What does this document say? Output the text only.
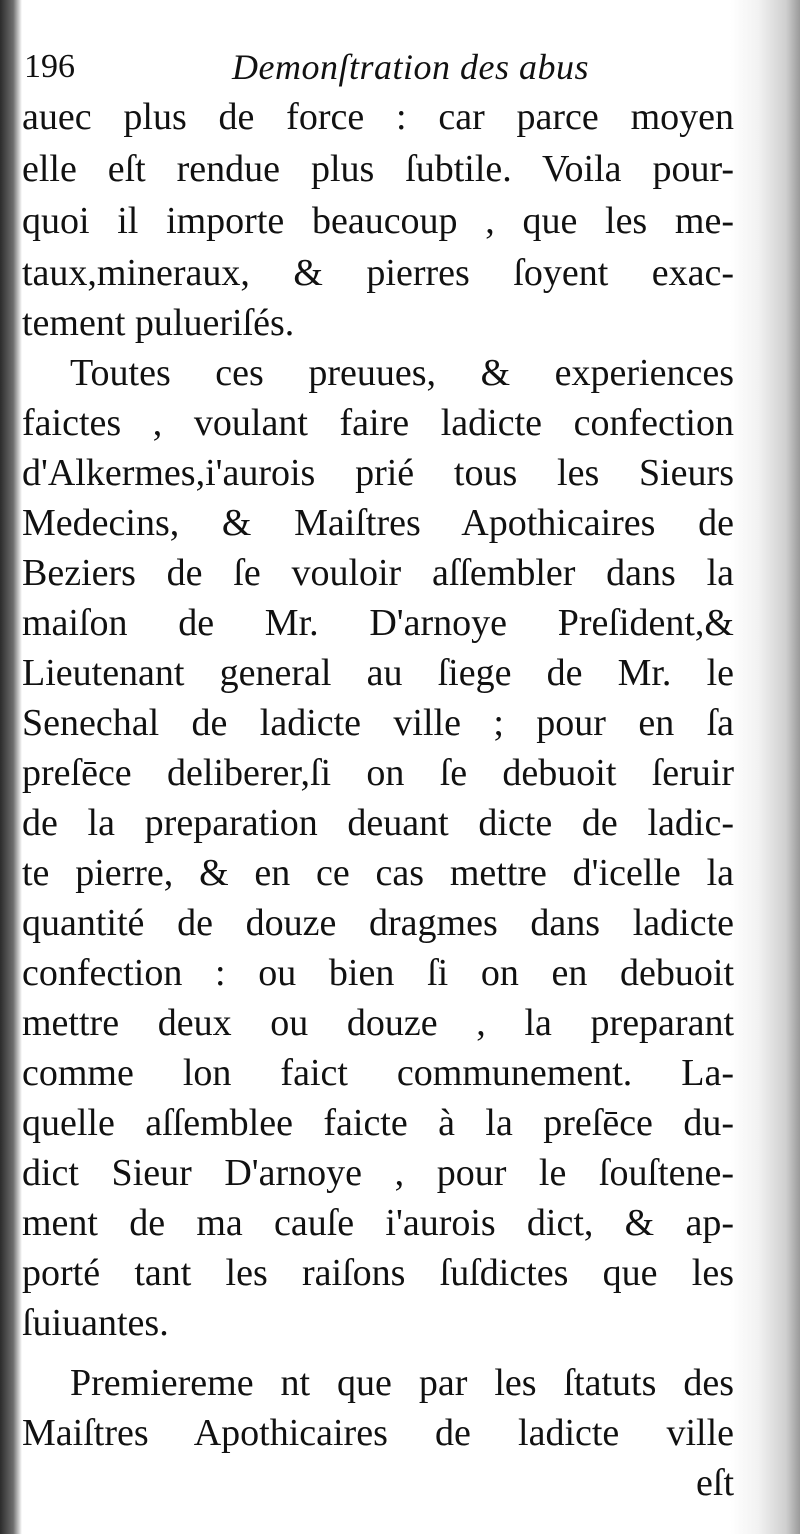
196	Demonſtration des abus
auec plus de force : car parce moyen
elle eſt rendue plus ſubtile. Voila pour-
quoi il importe beaucoup , que les me-
taux,mineraux, & pierres ſoyent exac-
tement pulueriſés.
Toutes ces preuues, & experiences
faictes , voulant faire ladicte confection
d'Alkermes,i'aurois prié tous les Sieurs
Medecins, & Maiſtres Apothicaires de
Beziers de ſe vouloir aſſembler dans la
maiſon de Mr. D'arnoye Preſident,&
Lieutenant general au ſiege de Mr. le
Senechal de ladicte ville ; pour en ſa
preſēce deliberer,ſi on ſe debuoit ſeruir
de la preparation deuant dicte de ladic-
te pierre, & en ce cas mettre d'icelle la
quantité de douze dragmes dans ladicte
confection : ou bien ſi on en debuoit
mettre deux ou douze , la preparant
comme lon faict communement. La-
quelle aſſemblee faicte à la preſēce du-
dict Sieur D'arnoye , pour le ſouſtene-
ment de ma cauſe i'aurois dict, & ap-
porté tant les raiſons ſuſdictes que les
ſuiuantes.
Premiereme nt que par les ſtatuts des
Maiſtres Apothicaires de ladicte ville
eſt
